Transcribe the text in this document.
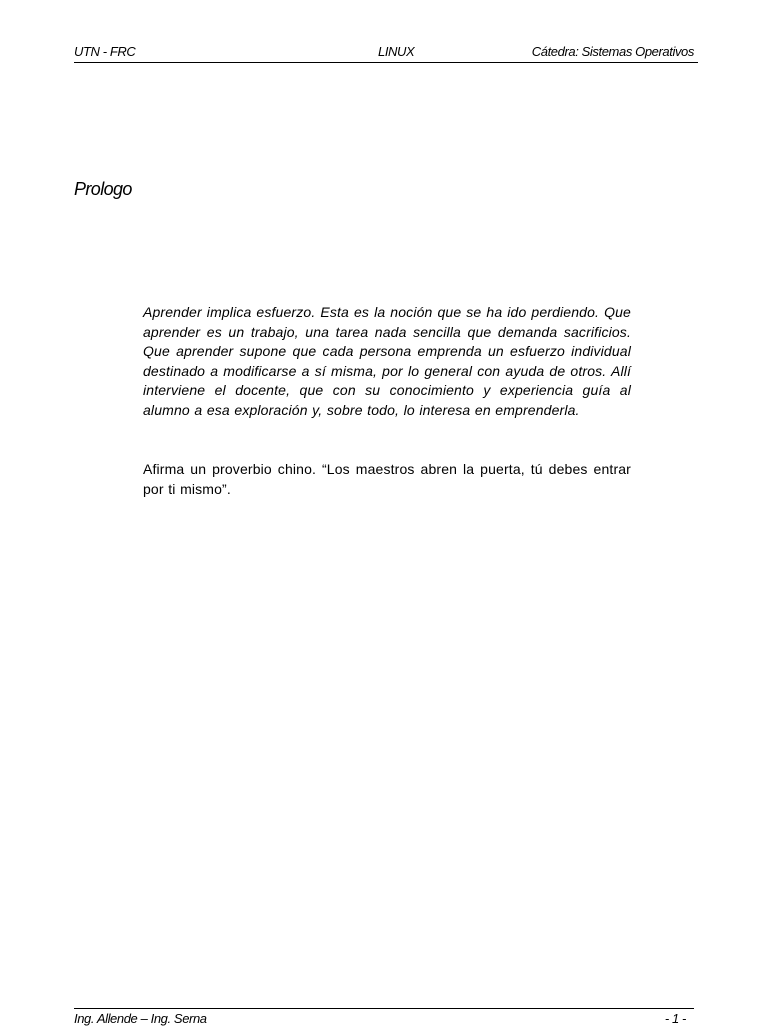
UTN - FRC	LINUX	Cátedra: Sistemas Operativos
Prologo

Aprender implica esfuerzo. Esta es la noción que se ha ido perdiendo. Que aprender es un trabajo, una tarea nada sencilla que demanda sacrificios. Que aprender supone que cada persona emprenda un esfuerzo individual destinado a modificarse a sí misma, por lo general con ayuda de otros. Allí interviene el docente, que con su conocimiento y experiencia guía al alumno a esa exploración y, sobre todo, lo interesa en emprenderla.

Afirma un proverbio chino. “Los maestros abren la puerta, tú debes entrar por ti mismo”.

Ing. Allende – Ing. Serna	- 1 -
